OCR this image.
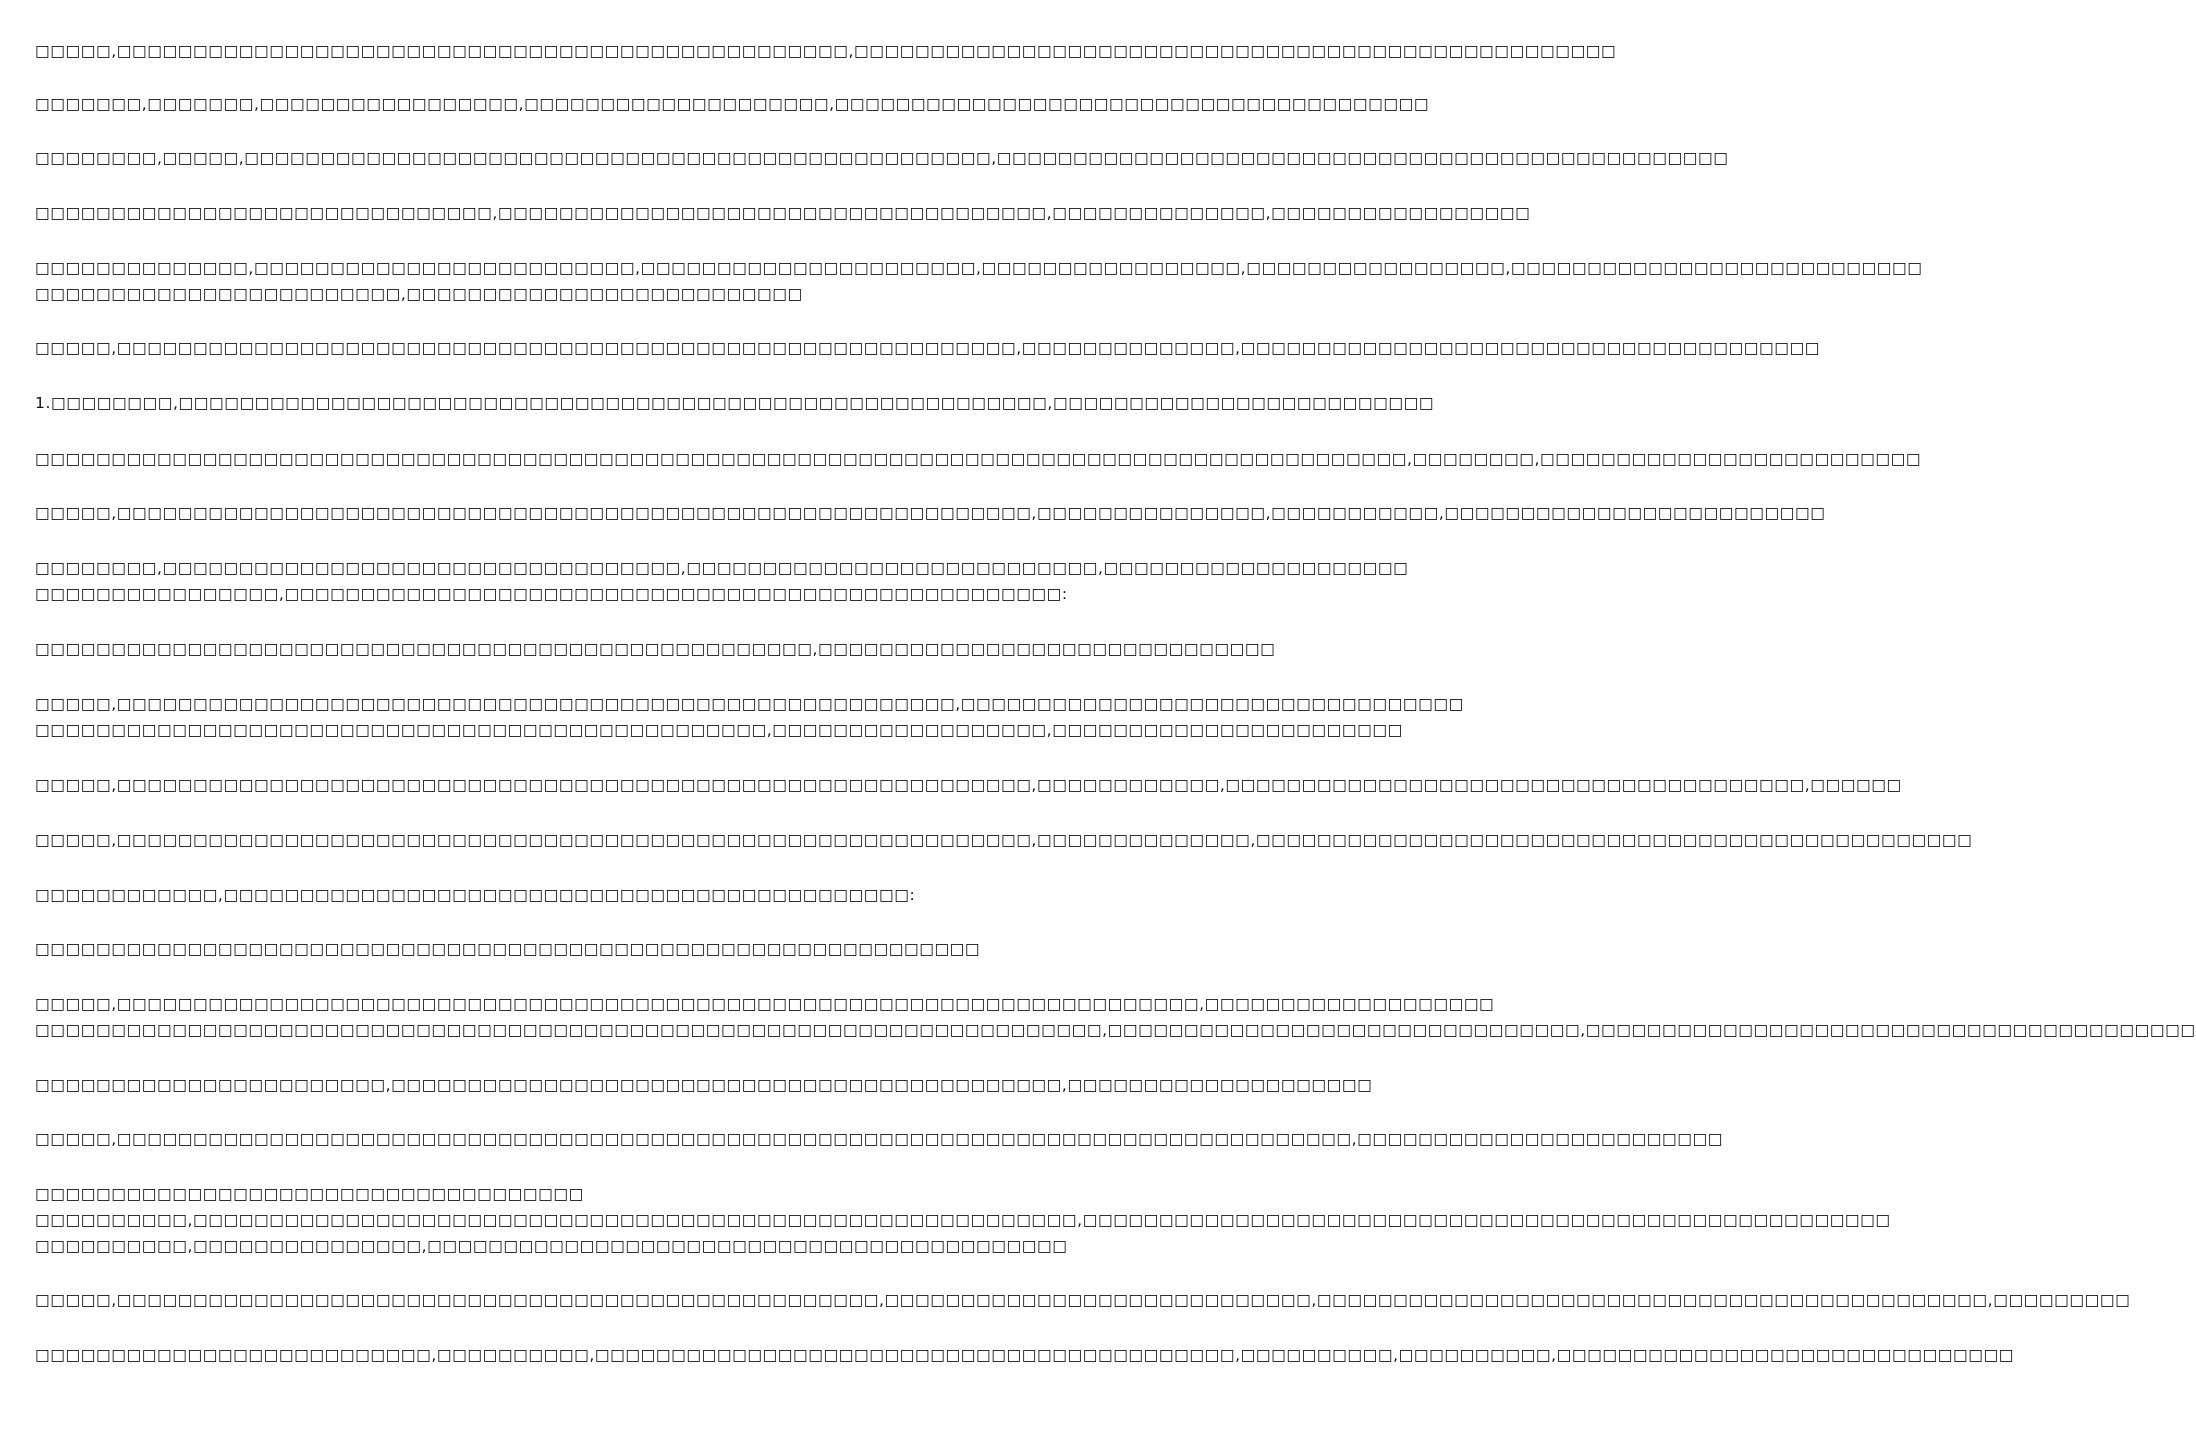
□□□□□,□□□□□□□□□□□□□□□□□□□□□□□□□□□□□□□□□□□□□□□□□□□□□□□□,□□□□□□□□□□□□□□□□□□□□□□□□□□□□□□□□□□□□□□□□□□□□□□□□□□
□□□□□□□,□□□□□□□,□□□□□□□□□□□□□□□□□,□□□□□□□□□□□□□□□□□□□□,□□□□□□□□□□□□□□□□□□□□□□□□□□□□□□□□□□□□□□□
□□□□□□□□,□□□□□,□□□□□□□□□□□□□□□□□□□□□□□□□□□□□□□□□□□□□□□□□□□□□□□□□,□□□□□□□□□□□□□□□□□□□□□□□□□□□□□□□□□□□□□□□□□□□□□□□□
□□□□□□□□□□□□□□□□□□□□□□□□□□□□□□,□□□□□□□□□□□□□□□□□□□□□□□□□□□□□□□□□□□□,□□□□□□□□□□□□□□,□□□□□□□□□□□□□□□□□
□□□□□□□□□□□□□□,□□□□□□□□□□□□□□□□□□□□□□□□□,□□□□□□□□□□□□□□□□□□□□□□,□□□□□□□□□□□□□□□□□,□□□□□□□□□□□□□□□□□,□□□□□□□□□□□□□□□□□□□□□□□□□□□
□□□□□□□□□□□□□□□□□□□□□□□□,□□□□□□□□□□□□□□□□□□□□□□□□□□
□□□□□,□□□□□□□□□□□□□□□□□□□□□□□□□□□□□□□□□□□□□□□□□□□□□□□□□□□□□□□□□□□,□□□□□□□□□□□□□□,□□□□□□□□□□□□□□□□□□□□□□□□□□□□□□□□□□□□□□
1.□□□□□□□□,□□□□□□□□□□□□□□□□□□□□□□□□□□□□□□□□□□□□□□□□□□□□□□□□□□□□□□□□□,□□□□□□□□□□□□□□□□□□□□□□□□□
□□□□□□□□□□□□□□□□□□□□□□□□□□□□□□□□□□□□□□□□□□□□□□□□□□□□□□□□□□□□□□□□□□□□□□□□□□□□□□□□□□□□□□□□□□,□□□□□□□□,□□□□□□□□□□□□□□□□□□□□□□□□□
□□□□□,□□□□□□□□□□□□□□□□□□□□□□□□□□□□□□□□□□□□□□□□□□□□□□□□□□□□□□□□□□□□,□□□□□□□□□□□□□□□,□□□□□□□□□□□,□□□□□□□□□□□□□□□□□□□□□□□□□
□□□□□□□□,□□□□□□□□□□□□□□□□□□□□□□□□□□□□□□□□□□,□□□□□□□□□□□□□□□□□□□□□□□□□□□,□□□□□□□□□□□□□□□□□□□□
□□□□□□□□□□□□□□□□,□□□□□□□□□□□□□□□□□□□□□□□□□□□□□□□□□□□□□□□□□□□□□□□□□□□:
□□□□□□□□□□□□□□□□□□□□□□□□□□□□□□□□□□□□□□□□□□□□□□□□□□□,□□□□□□□□□□□□□□□□□□□□□□□□□□□□□□
□□□□□,□□□□□□□□□□□□□□□□□□□□□□□□□□□□□□□□□□□□□□□□□□□□□□□□□□□□□□□,□□□□□□□□□□□□□□□□□□□□□□□□□□□□□□□□□
□□□□□□□□□□□□□□□□□□□□□□□□□□□□□□□□□□□□□□□□□□□□□□□□,□□□□□□□□□□□□□□□□□□,□□□□□□□□□□□□□□□□□□□□□□□
□□□□□,□□□□□□□□□□□□□□□□□□□□□□□□□□□□□□□□□□□□□□□□□□□□□□□□□□□□□□□□□□□□,□□□□□□□□□□□□,□□□□□□□□□□□□□□□□□□□□□□□□□□□□□□□□□□□□□□,□□□□□□
□□□□□,□□□□□□□□□□□□□□□□□□□□□□□□□□□□□□□□□□□□□□□□□□□□□□□□□□□□□□□□□□□□,□□□□□□□□□□□□□□,□□□□□□□□□□□□□□□□□□□□□□□□□□□□□□□□□□□□□□□□□□□□□□□
□□□□□□□□□□□□,□□□□□□□□□□□□□□□□□□□□□□□□□□□□□□□□□□□□□□□□□□□□□:
□□□□□□□□□□□□□□□□□□□□□□□□□□□□□□□□□□□□□□□□□□□□□□□□□□□□□□□□□□□□□□
□□□□□,□□□□□□□□□□□□□□□□□□□□□□□□□□□□□□□□□□□□□□□□□□□□□□□□□□□□□□□□□□□□□□□□□□□□□□□,□□□□□□□□□□□□□□□□□□□
□□□□□□□□□□□□□□□□□□□□□□□□□□□□□□□□□□□□□□□□□□□□□□□□□□□□□□□□□□□□□□□□□□□□□□,□□□□□□□□□□□□□□□□□□□□□□□□□□□□□□□,□□□□□□□□□□□□□□□□□□□□□□□□□□□□□□□□□□□□□□□□
□□□□□□□□□□□□□□□□□□□□□□□,□□□□□□□□□□□□□□□□□□□□□□□□□□□□□□□□□□□□□□□□□□□□,□□□□□□□□□□□□□□□□□□□□
□□□□□,□□□□□□□□□□□□□□□□□□□□□□□□□□□□□□□□□□□□□□□□□□□□□□□□□□□□□□□□□□□□□□□□□□□□□□□□□□□□□□□□□,□□□□□□□□□□□□□□□□□□□□□□□□
□□□□□□□□□□□□□□□□□□□□□□□□□□□□□□□□□□□□
□□□□□□□□□□,□□□□□□□□□□□□□□□□□□□□□□□□□□□□□□□□□□□□□□□□□□□□□□□□□□□□□□□□□□,□□□□□□□□□□□□□□□□□□□□□□□□□□□□□□□□□□□□□□□□□□□□□□□□□□□□□
□□□□□□□□□□,□□□□□□□□□□□□□□□,□□□□□□□□□□□□□□□□□□□□□□□□□□□□□□□□□□□□□□□□□□
□□□□□,□□□□□□□□□□□□□□□□□□□□□□□□□□□□□□□□□□□□□□□□□□□□□□□□□□,□□□□□□□□□□□□□□□□□□□□□□□□□□□□,□□□□□□□□□□□□□□□□□□□□□□□□□□□□□□□□□□□□□□□□□□□□,□□□□□□□□□
□□□□□□□□□□□□□□□□□□□□□□□□□□,□□□□□□□□□□,□□□□□□□□□□□□□□□□□□□□□□□□□□□□□□□□□□□□□□□□□□,□□□□□□□□□□,□□□□□□□□□□,□□□□□□□□□□□□□□□□□□□□□□□□□□□□□□
